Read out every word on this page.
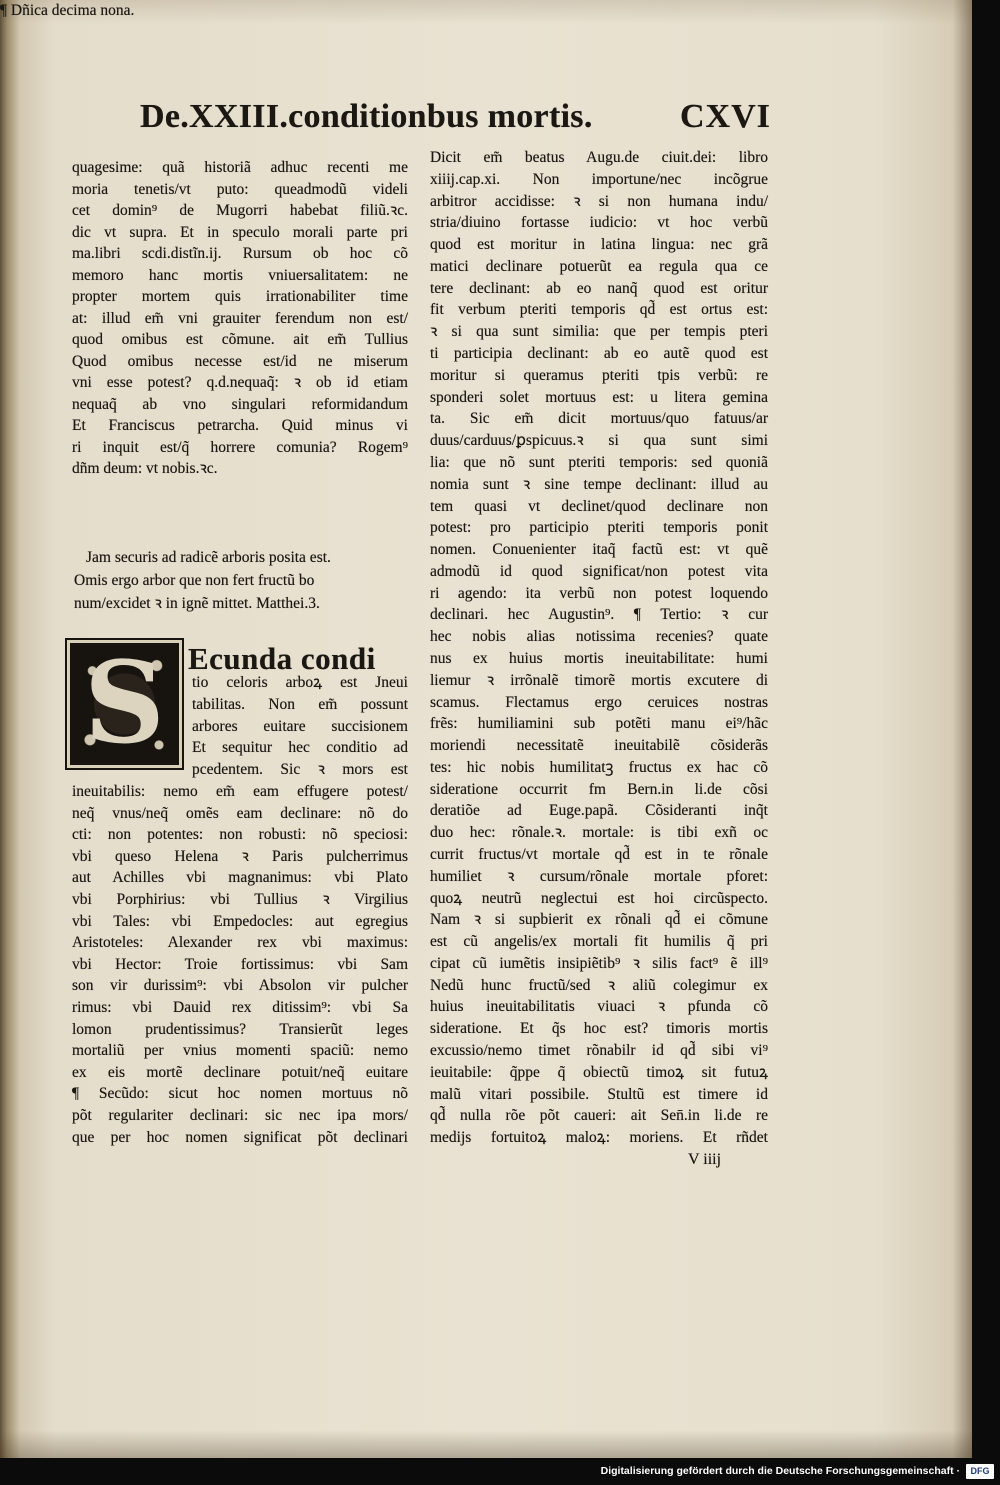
De.XXIII.conditionbus mortis.	CXVI
quagesime: quã historiã adhuc recenti me
moria tenetis/vt puto: queadmodũ videli
cet domin⁹ de Mugorri habebat filiũ.ꝛc.
dic vt supra. Et in speculo morali parte pri
ma.libri scdi.distĩn.ij. Rursum ob hoc cõ
memoro hanc mortis vniuersalitatem: ne
propter mortem quis irrationabiliter time
at: illud em̃ vni grauiter ferendum non est/
quod omibus est cõmune. ait em̃ Tullius
Quod omibus necesse est/id ne miserum
vni esse potest? q.d.nequaq̃: ꝛ ob id etiam
nequaq̃ ab vno singulari reformidandum
Et Franciscus petrarcha. Quid minus vi
ri inquit est/q̃ horrere comunia? Rogem⁹
dñm deum: vt nobis.ꝛc.
¶ Dñica decima nona.
Jam securis ad radicẽ arboris posita est.
Omis ergo arbor que non fert fructũ bo
num/excidet ꝛ in ignẽ mittet. Matthei.3.
S Ecunda condi
tio celoris arboꝝ est Jneui
tabilitas. Non em̃ possunt
arbores euitare succisionem
Et sequitur hec conditio ad
pcedentem. Sic ꝛ mors est
ineuitabilis: nemo em̃ eam effugere potest/
neq̃ vnus/neq̃ omẽs eam declinare: nõ do
cti: non potentes: non robusti: nõ speciosi:
vbi queso Helena ꝛ Paris pulcherrimus
aut Achilles vbi magnanimus: vbi Plato
vbi Porphirius: vbi Tullius ꝛ Virgilius
vbi Tales: vbi Empedocles: aut egregius
Aristoteles: Alexander rex vbi maximus:
vbi Hector: Troie fortissimus: vbi Sam
son vir durissim⁹: vbi Absolon vir pulcher
rimus: vbi Dauid rex ditissim⁹: vbi Sa
lomon prudentissimus? Transierũt leges
mortaliũ per vnius momenti spaciũ: nemo
ex eis mortẽ declinare potuit/neq̃ euitare
¶ Secũdo: sicut hoc nomen mortuus nõ
põt regulariter declinari: sic nec ipa mors/
que per hoc nomen significat põt declinari
Dicit em̃ beatus Augu.de ciuit.dei: libro
xiiij.cap.xi. Non importune/nec incõgrue
arbitror accidisse: ꝛ si non humana indu/
stria/diuino fortasse iudicio: vt hoc verbũ
quod est moritur in latina lingua: nec grã
matici declinare potuerũt ea regula qua ce
tere declinant: ab eo nanq̃ quod est oritur
fit verbum pteriti temporis qd̃ est ortus est:
ꝛ si qua sunt similia: que per tempis pteri
ti participia declinant: ab eo autẽ quod est
moritur si queramus pteriti tpis verbũ: re
sponderi solet mortuus est: u litera gemina
ta. Sic em̃ dicit mortuus/quo fatuus/ar
duus/carduus/ꝑspicuus.ꝛ si qua sunt simi
lia: que nõ sunt pteriti temporis: sed quoniã
nomia sunt ꝛ sine tempe declinant: illud au
tem quasi vt declinet/quod declinare non
potest: pro participio pteriti temporis ponit
nomen. Conuenienter itaq̃ factũ est: vt quẽ
admodũ id quod significat/non potest vita
ri agendo: ita verbũ non potest loquendo
declinari. hec Augustin⁹. ¶ Tertio: ꝛ cur
hec nobis alias notissima recenies? quate
nus ex huius mortis ineuitabilitate: humi
liemur ꝛ irrõnalẽ timorẽ mortis excutere di
scamus. Flectamus ergo ceruices nostras
frẽs: humiliamini sub potẽti manu ei⁹/hãc
moriendi necessitatẽ ineuitabilẽ cõsiderãs
tes: hic nobis humilitatꝫ fructus ex hac cõ
sideratione occurrit fm Bern.in li.de cõsi
deratiõe ad Euge.papã. Cõsideranti inq̃t
duo hec: rõnale.ꝛ. mortale: is tibi exñ oc
currit fructus/vt mortale qd̃ est in te rõnale
humiliet ꝛ cursum/rõnale mortale pforet:
quoꝝ neutrũ neglectui est hoi circũspecto.
Nam ꝛ si supbierit ex rõnali qd̃ ei cõmune
est cũ angelis/ex mortali fit humilis q̃ pri
cipat cũ iumẽtis insipiẽtib⁹ ꝛ silis fact⁹ ẽ ill⁹
Nedũ hunc fructũ/sed ꝛ aliũ colegimur ex
huius ineuitabilitatis viuaci ꝛ pfunda cõ
sideratione. Et q̃s hoc est? timoris mortis
excussio/nemo timet rõnabilr id qd̃ sibi vi⁹
ieuitabile: q̃ppe q̃ obiectũ timoꝝ sit futuꝝ
malũ vitari possibile. Stultũ est timere id
qd̃ nulla rõe põt caueri: ait Sen̄.in li.de re
medijs fortuitoꝝ maloꝝ: moriens. Et rñdet
V iiij
Digitalisierung gefördert durch die Deutsche Forschungsgemeinschaft ·	DFG
